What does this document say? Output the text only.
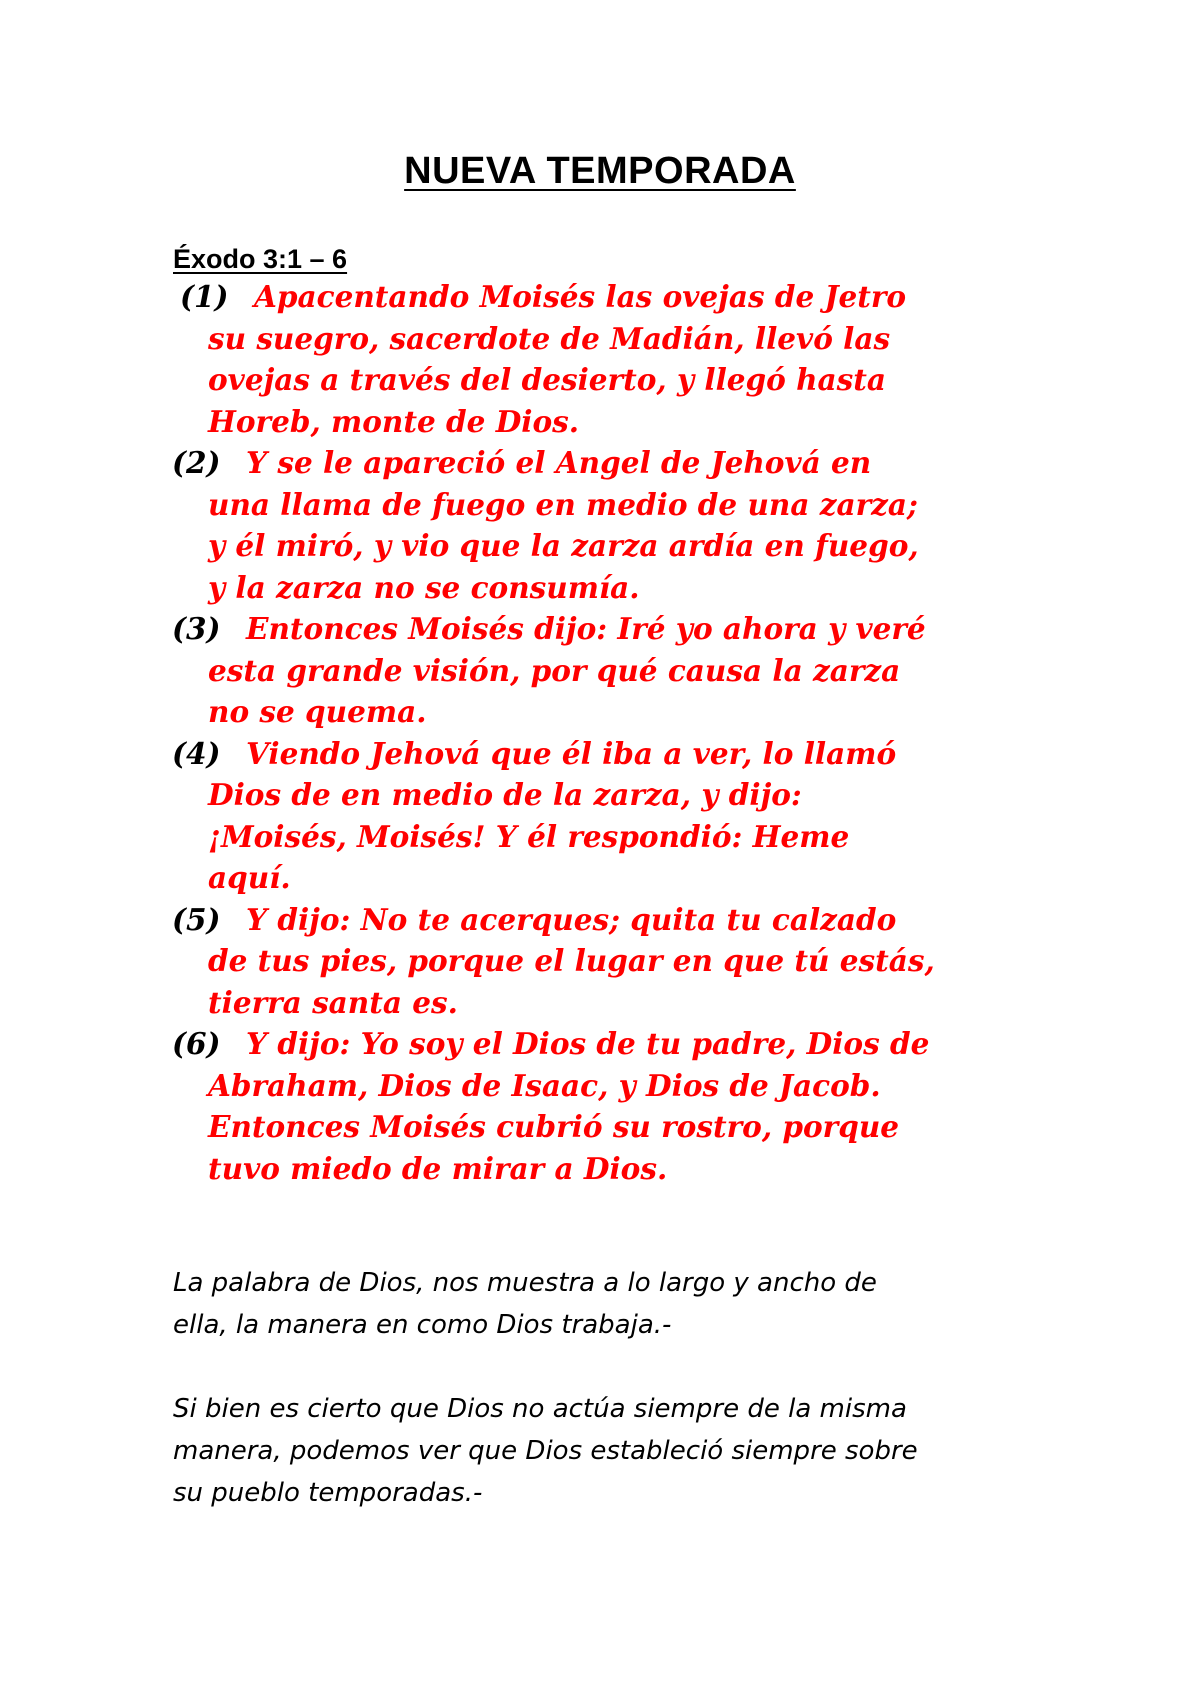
NUEVA TEMPORADA
Éxodo 3:1 – 6
(1) Apacentando Moisés las ovejas de Jetro
su suegro, sacerdote de Madián, llevó las
ovejas a través del desierto, y llegó hasta
Horeb, monte de Dios.
(2) Y se le apareció el Angel de Jehová en
una llama de fuego en medio de una zarza;
y él miró, y vio que la zarza ardía en fuego,
y la zarza no se consumía.
(3) Entonces Moisés dijo: Iré yo ahora y veré
esta grande visión, por qué causa la zarza
no se quema.
(4) Viendo Jehová que él iba a ver, lo llamó
Dios de en medio de la zarza, y dijo:
¡Moisés, Moisés! Y él respondió: Heme
aquí.
(5) Y dijo: No te acerques; quita tu calzado
de tus pies, porque el lugar en que tú estás,
tierra santa es.
(6) Y dijo: Yo soy el Dios de tu padre, Dios de
Abraham, Dios de Isaac, y Dios de Jacob.
Entonces Moisés cubrió su rostro, porque
tuvo miedo de mirar a Dios.
La palabra de Dios, nos muestra a lo largo y ancho de
ella, la manera en como Dios trabaja.-
Si bien es cierto que Dios no actúa siempre de la misma
manera, podemos ver que Dios estableció siempre sobre
su pueblo temporadas.-
